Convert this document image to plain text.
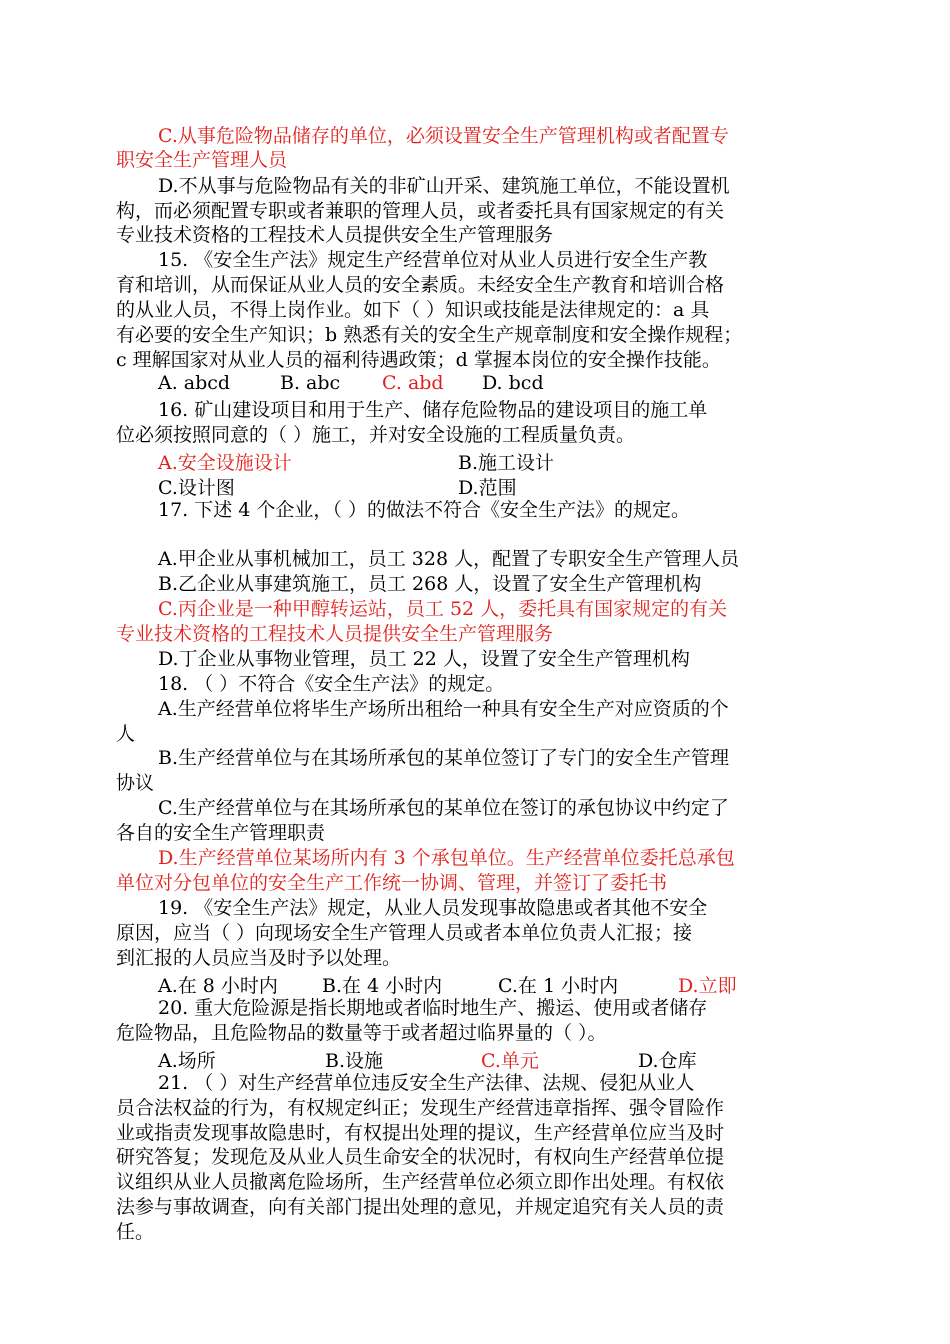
C.从事危险物品储存的单位，必须设置安全生产管理机构或者配置专
职安全生产管理人员
D.不从事与危险物品有关的非矿山开采、建筑施工单位，不能设置机
构，而必须配置专职或者兼职的管理人员，或者委托具有国家规定的有关
专业技术资格的工程技术人员提供安全生产管理服务
15. 《安全生产法》规定生产经营单位对从业人员进行安全生产教
育和培训，从而保证从业人员的安全素质。未经安全生产教育和培训合格
的从业人员，不得上岗作业。如下（ ）知识或技能是法律规定的：a 具
有必要的安全生产知识；b 熟悉有关的安全生产规章制度和安全操作规程；
c 理解国家对从业人员的福利待遇政策；d 掌握本岗位的安全操作技能。
A. abcd	B. abc C. abd D. bcd
16. 矿山建设项目和用于生产、储存危险物品的建设项目的施工单
位必须按照同意的（ ）施工，并对安全设施的工程质量负责。
A.安全设施设计	B.施工设计
C.设计图	D.范围
17. 下述 4 个企业，（ ）的做法不符合《安全生产法》的规定。
A.甲企业从事机械加工，员工 328 人，配置了专职安全生产管理人员
B.乙企业从事建筑施工，员工 268 人，设置了安全生产管理机构
C.丙企业是一种甲醇转运站，员工 52 人，委托具有国家规定的有关
专业技术资格的工程技术人员提供安全生产管理服务
D.丁企业从事物业管理，员工 22 人，设置了安全生产管理机构
18. （ ）不符合《安全生产法》的规定。
A.生产经营单位将毕生产场所出租给一种具有安全生产对应资质的个
人
B.生产经营单位与在其场所承包的某单位签订了专门的安全生产管理
协议
C.生产经营单位与在其场所承包的某单位在签订的承包协议中约定了
各自的安全生产管理职责
D.生产经营单位某场所内有 3 个承包单位。生产经营单位委托总承包
单位对分包单位的安全生产工作统一协调、管理，并签订了委托书
19. 《安全生产法》规定，从业人员发现事故隐患或者其他不安全
原因，应当（ ）向现场安全生产管理人员或者本单位负责人汇报；接
到汇报的人员应当及时予以处理。
A.在 8 小时内 B.在 4 小时内	C.在 1 小时内	D.立即
20. 重大危险源是指长期地或者临时地生产、搬运、使用或者储存
危险物品，且危险物品的数量等于或者超过临界量的（ ）。
A.场所	B.设施	C.单元	D.仓库
21. （ ）对生产经营单位违反安全生产法律、法规、侵犯从业人
员合法权益的行为，有权规定纠正；发现生产经营违章指挥、强令冒险作
业或指责发现事故隐患时，有权提出处理的提议，生产经营单位应当及时
研究答复；发现危及从业人员生命安全的状况时，有权向生产经营单位提
议组织从业人员撤离危险场所，生产经营单位必须立即作出处理。有权依
法参与事故调查，向有关部门提出处理的意见，并规定追究有关人员的责
任。
